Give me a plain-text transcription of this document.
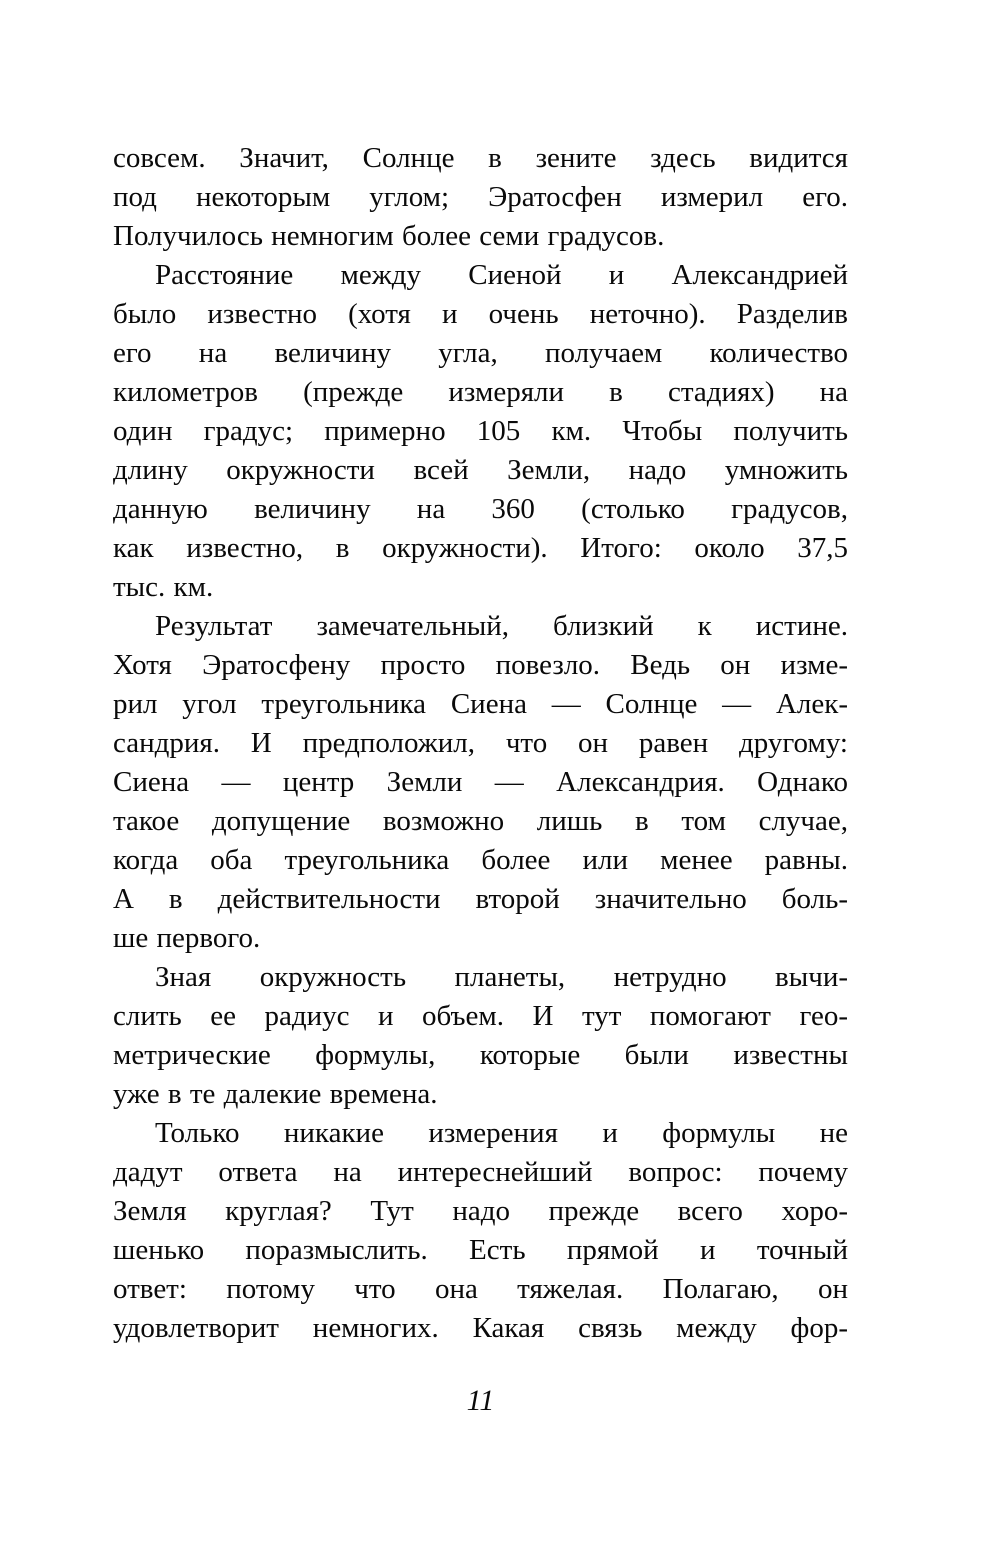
совсем. Значит, Солнце в зените здесь видится
под некоторым углом; Эратосфен измерил его.
Получилось немногим более семи градусов.
Расстояние между Сиеной и Александрией
было известно (хотя и очень неточно). Разделив
его на величину угла, получаем количество
километров (прежде измеряли в стадиях) на
один градус; примерно 105 км. Чтобы получить
длину окружности всей Земли, надо умножить
данную величину на 360 (столько градусов,
как известно, в окружности). Итого: около 37,5
тыс. км.
Результат замечательный, близкий к истине.
Хотя Эратосфену просто повезло. Ведь он изме-
рил угол треугольника Сиена — Солнце — Алек-
сандрия. И предположил, что он равен другому:
Сиена — центр Земли — Александрия. Однако
такое допущение возможно лишь в том случае,
когда оба треугольника более или менее равны.
А в действительности второй значительно боль-
ше первого.
Зная окружность планеты, нетрудно вычи-
слить ее радиус и объем. И тут помогают гео-
метрические формулы, которые были известны
уже в те далекие времена.
Только никакие измерения и формулы не
дадут ответа на интереснейший вопрос: почему
Земля круглая? Тут надо прежде всего хоро-
шенько поразмыслить. Есть прямой и точный
ответ: потому что она тяжелая. Полагаю, он
удовлетворит немногих. Какая связь между фор-
11
